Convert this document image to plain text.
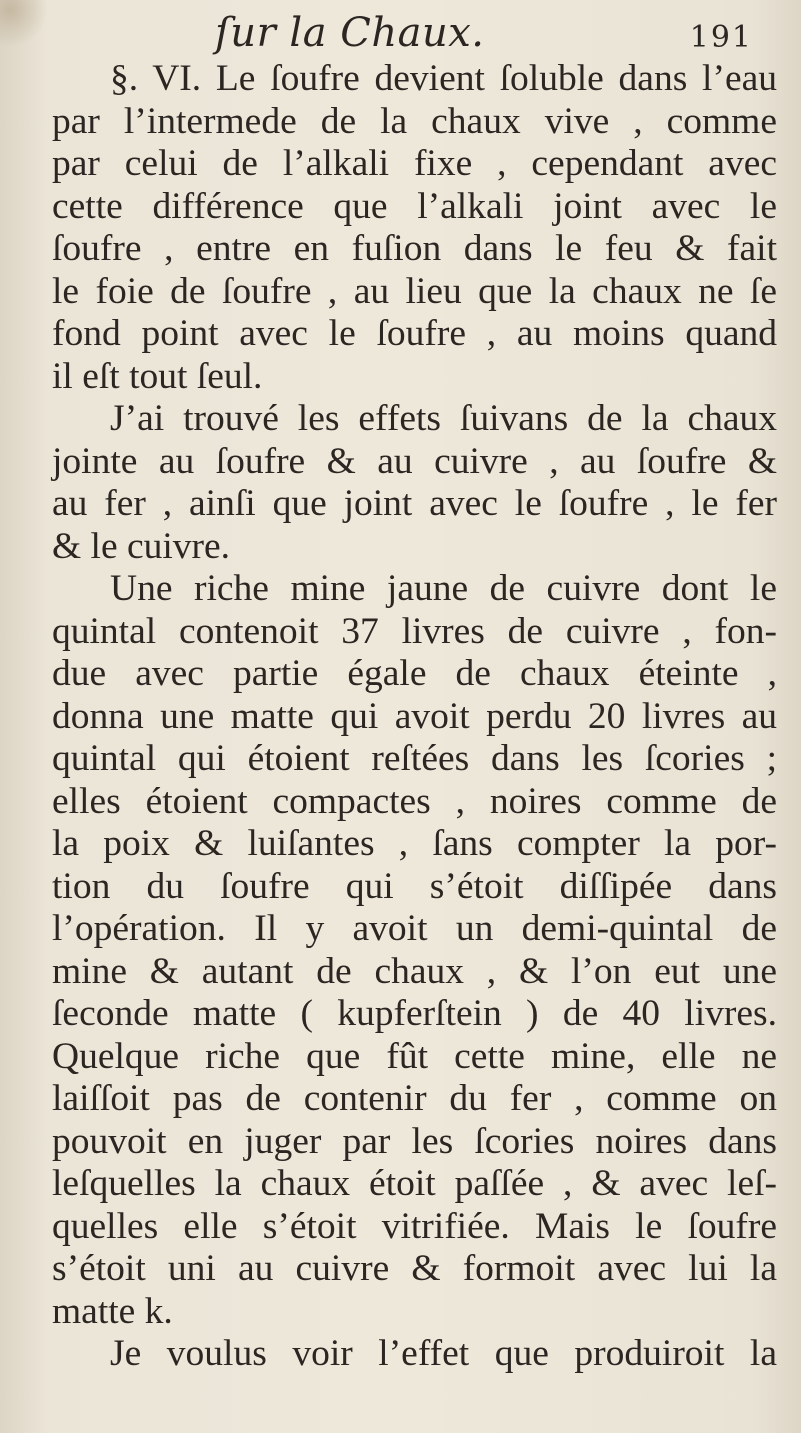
ſur la Chaux.	191
§. VI. Le ſoufre devient ſoluble dans l’eau
par l’intermede de la chaux vive , comme
par celui de l’alkali fixe , cependant avec
cette différence que l’alkali joint avec le
ſoufre , entre en fuſion dans le feu & fait
le foie de ſoufre , au lieu que la chaux ne ſe
fond point avec le ſoufre , au moins quand
il eſt tout ſeul.
J’ai trouvé les effets ſuivans de la chaux
jointe au ſoufre & au cuivre , au ſoufre &
au fer , ainſi que joint avec le ſoufre , le fer
& le cuivre.
Une riche mine jaune de cuivre dont le
quintal contenoit 37 livres de cuivre , fon-
due avec partie égale de chaux éteinte ,
donna une matte qui avoit perdu 20 livres au
quintal qui étoient reſtées dans les ſcories ;
elles étoient compactes , noires comme de
la poix & luiſantes , ſans compter la por-
tion du ſoufre qui s’étoit diſſipée dans
l’opération. Il y avoit un demi-quintal de
mine & autant de chaux , & l’on eut une
ſeconde matte ( kupferſtein ) de 40 livres.
Quelque riche que fût cette mine, elle ne
laiſſoit pas de contenir du fer , comme on
pouvoit en juger par les ſcories noires dans
leſquelles la chaux étoit paſſée , & avec leſ-
quelles elle s’étoit vitrifiée. Mais le ſoufre
s’étoit uni au cuivre & formoit avec lui la
matte k.
Je voulus voir l’effet que produiroit la
